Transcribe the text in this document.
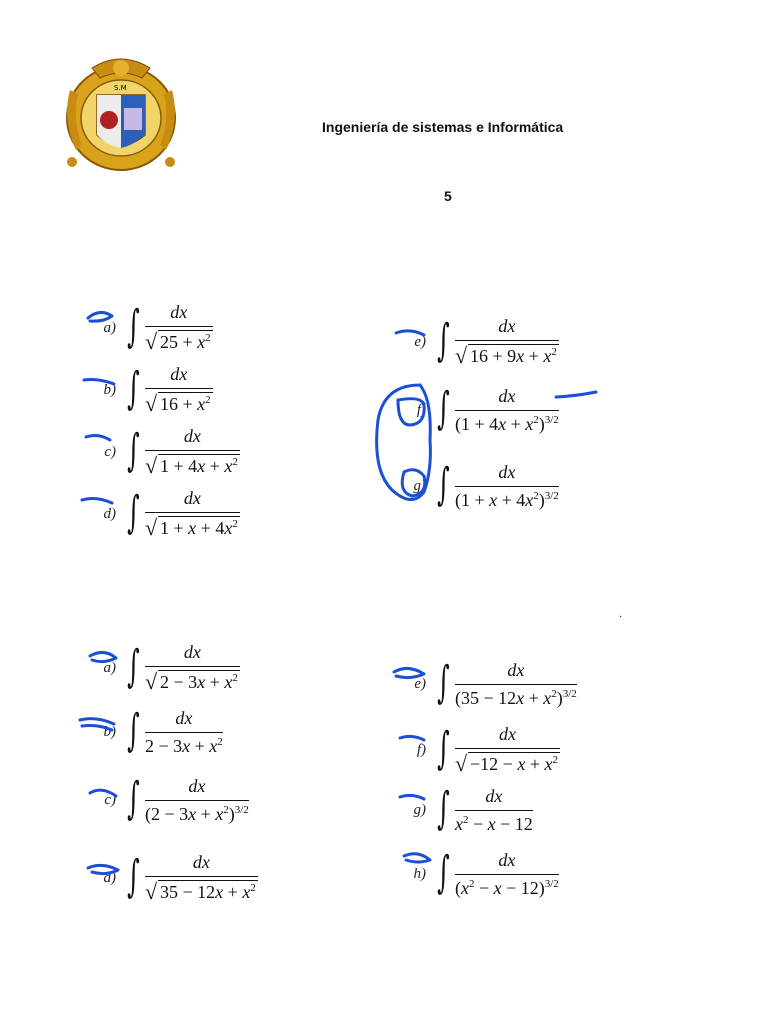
S.M
Ingeniería de sistemas e Informática
5
.
a) ∫ $\frac{dx}{√ 25 + x^2}$
b) ∫ $\frac{dx}{√ 16 + x^2}$
c) ∫ $\frac{dx}{√ 1 + 4x + x^2}$
d) ∫ $\frac{dx}{√ 1 + x + 4x^2}$
e) ∫ $\frac{dx}{√ 16 + 9x + x^2}$
f) ∫ $\frac{dx}{(1 + 4x + x^2)^{3/2}}$
g) ∫ $\frac{dx}{(1 + x + 4x^2)^{3/2}}$
a) ∫ $\frac{dx}{√ 2 - 3x + x^2}$
b) ∫ $\frac{dx}{2 - 3x + x^2}$
c) ∫ $\frac{dx}{(2 - 3x + x^2)^{3/2}}$
d) ∫ $\frac{dx}{√ 35 - 12x + x^2}$
e) ∫ $\frac{dx}{(35 - 12x + x^2)^{3/2}}$
f) ∫ $\frac{dx}{√ -12 - x + x^2}$
g) ∫ $\frac{dx}{x^2 - x - 12}$
h) ∫ $\frac{dx}{(x^2 - x - 12)^{3/2}}$
